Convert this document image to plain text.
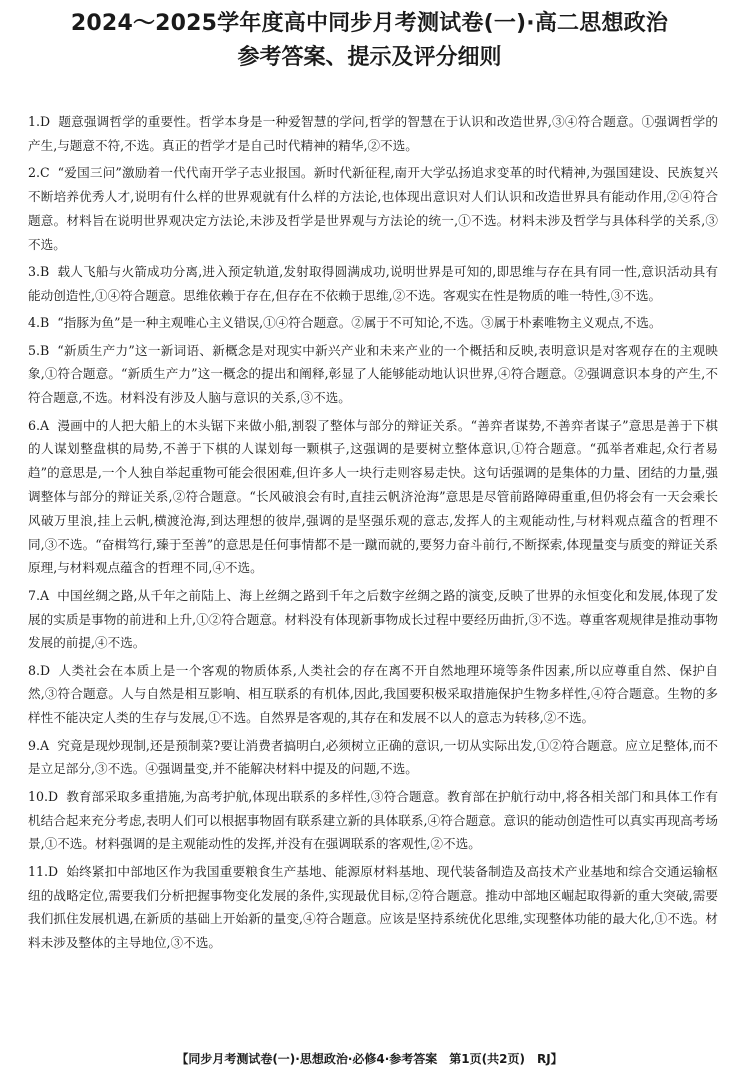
2024～2025学年度高中同步月考测试卷(一)·高二思想政治
参考答案、提示及评分细则

1.D 题意强调哲学的重要性。哲学本身是一种爱智慧的学问,哲学的智慧在于认识和改造世界,③④符合题意。①强调哲学的产生,与题意不符,不选。真正的哲学才是自己时代精神的精华,②不选。

2.C “爱国三问”激励着一代代南开学子志业报国。新时代新征程,南开大学弘扬追求变革的时代精神,为强国建设、民族复兴不断培养优秀人才,说明有什么样的世界观就有什么样的方法论,也体现出意识对人们认识和改造世界具有能动作用,②④符合题意。材料旨在说明世界观决定方法论,未涉及哲学是世界观与方法论的统一,①不选。材料未涉及哲学与具体科学的关系,③不选。

3.B 载人飞船与火箭成功分离,进入预定轨道,发射取得圆满成功,说明世界是可知的,即思维与存在具有同一性,意识活动具有能动创造性,①④符合题意。思维依赖于存在,但存在不依赖于思维,②不选。客观实在性是物质的唯一特性,③不选。

4.B “指豚为鱼”是一种主观唯心主义错误,①④符合题意。②属于不可知论,不选。③属于朴素唯物主义观点,不选。

5.B “新质生产力”这一新词语、新概念是对现实中新兴产业和未来产业的一个概括和反映,表明意识是对客观存在的主观映象,①符合题意。“新质生产力”这一概念的提出和阐释,彰显了人能够能动地认识世界,④符合题意。②强调意识本身的产生,不符合题意,不选。材料没有涉及人脑与意识的关系,③不选。

6.A 漫画中的人把大船上的木头锯下来做小船,割裂了整体与部分的辩证关系。“善弈者谋势,不善弈者谋子”意思是善于下棋的人谋划整盘棋的局势,不善于下棋的人谋划每一颗棋子,这强调的是要树立整体意识,①符合题意。“孤举者难起,众行者易趋”的意思是,一个人独自举起重物可能会很困难,但许多人一块行走则容易走快。这句话强调的是集体的力量、团结的力量,强调整体与部分的辩证关系,②符合题意。“长风破浪会有时,直挂云帆济沧海”意思是尽管前路障碍重重,但仍将会有一天会乘长风破万里浪,挂上云帆,横渡沧海,到达理想的彼岸,强调的是坚强乐观的意志,发挥人的主观能动性,与材料观点蕴含的哲理不同,③不选。“奋楫笃行,臻于至善”的意思是任何事情都不是一蹴而就的,要努力奋斗前行,不断探索,体现量变与质变的辩证关系原理,与材料观点蕴含的哲理不同,④不选。

7.A 中国丝绸之路,从千年之前陆上、海上丝绸之路到千年之后数字丝绸之路的演变,反映了世界的永恒变化和发展,体现了发展的实质是事物的前进和上升,①②符合题意。材料没有体现新事物成长过程中要经历曲折,③不选。尊重客观规律是推动事物发展的前提,④不选。

8.D 人类社会在本质上是一个客观的物质体系,人类社会的存在离不开自然地理环境等条件因素,所以应尊重自然、保护自然,③符合题意。人与自然是相互影响、相互联系的有机体,因此,我国要积极采取措施保护生物多样性,④符合题意。生物的多样性不能决定人类的生存与发展,①不选。自然界是客观的,其存在和发展不以人的意志为转移,②不选。

9.A 究竟是现炒现制,还是预制菜?要让消费者搞明白,必须树立正确的意识,一切从实际出发,①②符合题意。应立足整体,而不是立足部分,③不选。④强调量变,并不能解决材料中提及的问题,不选。

10.D 教育部采取多重措施,为高考护航,体现出联系的多样性,③符合题意。教育部在护航行动中,将各相关部门和具体工作有机结合起来充分考虑,表明人们可以根据事物固有联系建立新的具体联系,④符合题意。意识的能动创造性可以真实再现高考场景,①不选。材料强调的是主观能动性的发挥,并没有在强调联系的客观性,②不选。

11.D 始终紧扣中部地区作为我国重要粮食生产基地、能源原材料基地、现代装备制造及高技术产业基地和综合交通运输枢纽的战略定位,需要我们分析把握事物变化发展的条件,实现最优目标,②符合题意。推动中部地区崛起取得新的重大突破,需要我们抓住发展机遇,在新质的基础上开始新的量变,④符合题意。应该是坚持系统优化思维,实现整体功能的最大化,①不选。材料未涉及整体的主导地位,③不选。

【同步月考测试卷(一)·思想政治·必修4·参考答案　第1页(共2页)　RJ】
